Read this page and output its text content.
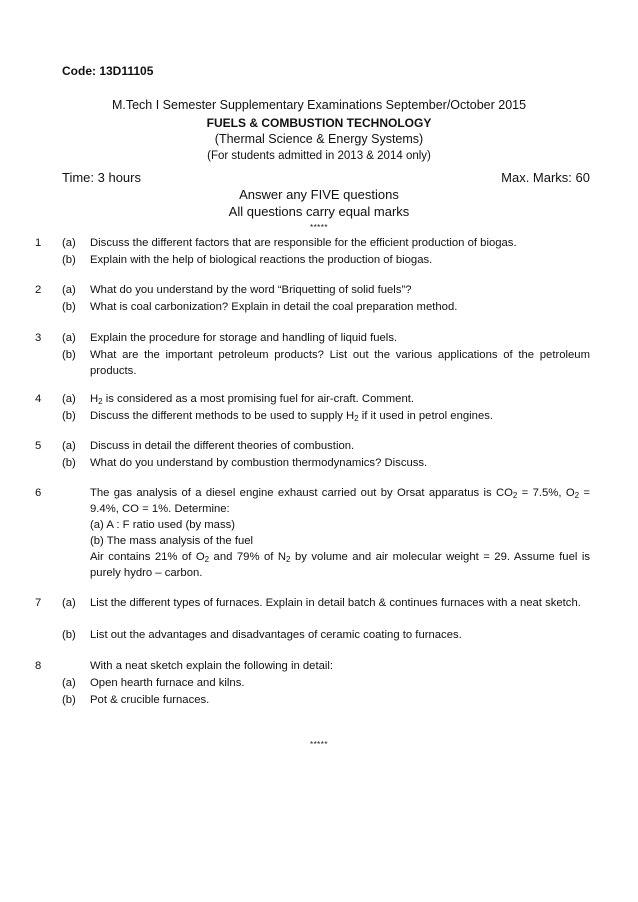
Code: 13D11105
M.Tech I Semester Supplementary Examinations September/October 2015
FUELS & COMBUSTION TECHNOLOGY
(Thermal Science & Energy Systems)
(For students admitted in 2013 & 2014 only)
Time: 3 hours	Max. Marks: 60
Answer any FIVE questions
All questions carry equal marks
*****
1 (a) Discuss the different factors that are responsible for the efficient production of biogas.
(b) Explain with the help of biological reactions the production of biogas.
2 (a) What do you understand by the word “Briquetting of solid fuels”?
(b) What is coal carbonization? Explain in detail the coal preparation method.
3 (a) Explain the procedure for storage and handling of liquid fuels.
(b) What are the important petroleum products? List out the various applications of the petroleum products.
4 (a) $H_2$ is considered as a most promising fuel for air-craft. Comment.
(b) Discuss the different methods to be used to supply $H_2$ if it used in petrol engines.
5 (a) Discuss in detail the different theories of combustion.
(b) What do you understand by combustion thermodynamics? Discuss.
6	The gas analysis of a diesel engine exhaust carried out by Orsat apparatus is $CO_2 = 7.5\%$, $O_2$ =
9.4%, CO = 1%. Determine:
(a) A : F ratio used (by mass)
(b) The mass analysis of the fuel
Air contains 21% of $O_2$ and 79% of $N_2$ by volume and air molecular weight = 29. Assume fuel is purely hydro – carbon.
7 (a) List the different types of furnaces. Explain in detail batch & continues furnaces with a neat sketch.
(b) List out the advantages and disadvantages of ceramic coating to furnaces.
8	With a neat sketch explain the following in detail:
(a) Open hearth furnace and kilns.
(b) Pot & crucible furnaces.
*****
